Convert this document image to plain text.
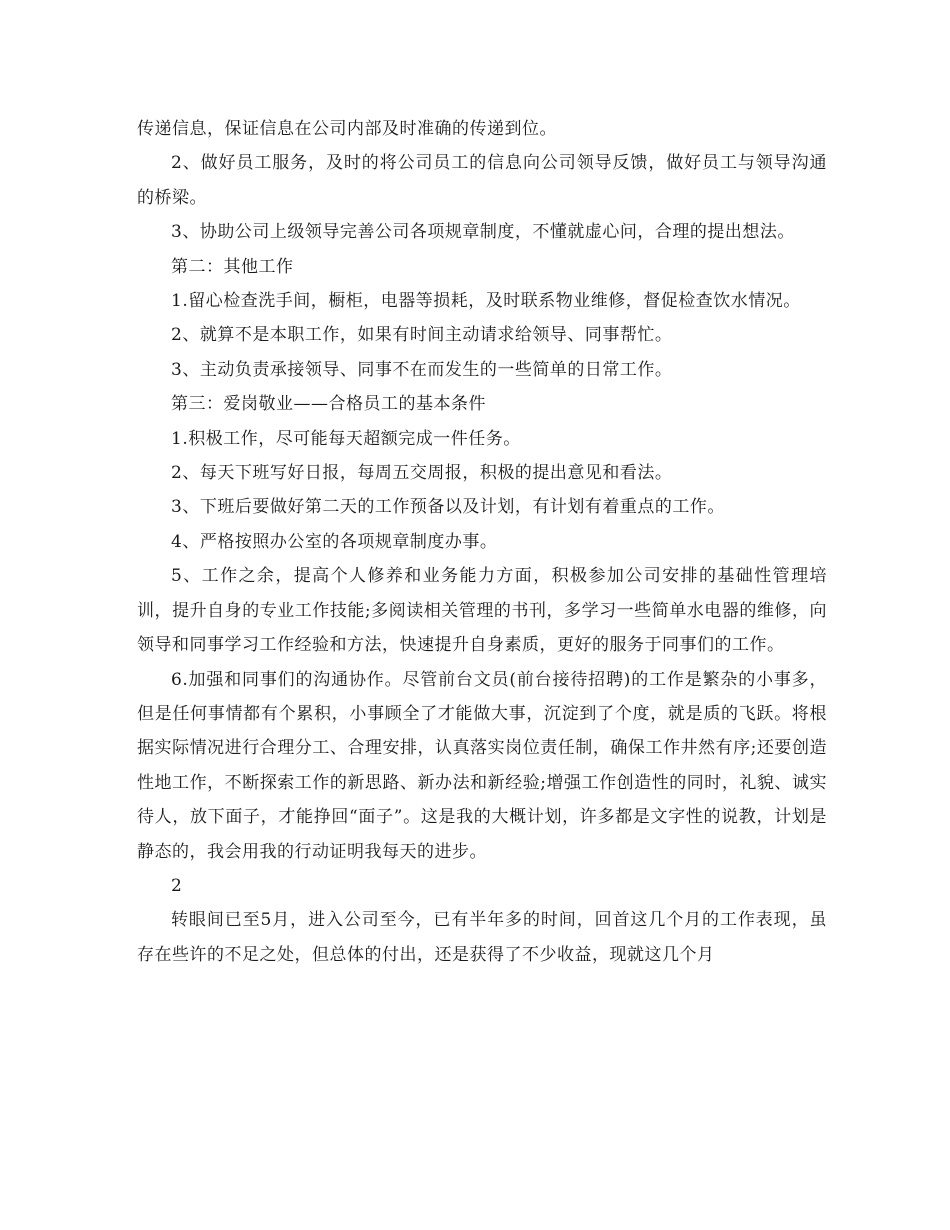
传递信息，保证信息在公司内部及时准确的传递到位。

2、做好员工服务，及时的将公司员工的信息向公司领导反馈，做好员工与领导沟通的桥梁。

3、协助公司上级领导完善公司各项规章制度，不懂就虚心问，合理的提出想法。

第二：其他工作

1.留心检查洗手间，橱柜，电器等损耗，及时联系物业维修，督促检查饮水情况。

2、就算不是本职工作，如果有时间主动请求给领导、同事帮忙。

3、主动负责承接领导、同事不在而发生的一些简单的日常工作。

第三：爱岗敬业——合格员工的基本条件

1.积极工作，尽可能每天超额完成一件任务。

2、每天下班写好日报，每周五交周报，积极的提出意见和看法。

3、下班后要做好第二天的工作预备以及计划，有计划有着重点的工作。

4、严格按照办公室的各项规章制度办事。

5、工作之余，提高个人修养和业务能力方面，积极参加公司安排的基础性管理培训，提升自身的专业工作技能;多阅读相关管理的书刊，多学习一些简单水电器的维修，向领导和同事学习工作经验和方法，快速提升自身素质，更好的服务于同事们的工作。

6.加强和同事们的沟通协作。尽管前台文员(前台接待招聘)的工作是繁杂的小事多，但是任何事情都有个累积，小事顾全了才能做大事，沉淀到了个度，就是质的飞跃。将根据实际情况进行合理分工、合理安排，认真落实岗位责任制，确保工作井然有序;还要创造性地工作，不断探索工作的新思路、新办法和新经验;增强工作创造性的同时，礼貌、诚实待人，放下面子，才能挣回“面子”。这是我的大概计划，许多都是文字性的说教，计划是静态的，我会用我的行动证明我每天的进步。

2

转眼间已至5月，进入公司至今，已有半年多的时间，回首这几个月的工作表现，虽存在些许的不足之处，但总体的付出，还是获得了不少收益，现就这几个月
